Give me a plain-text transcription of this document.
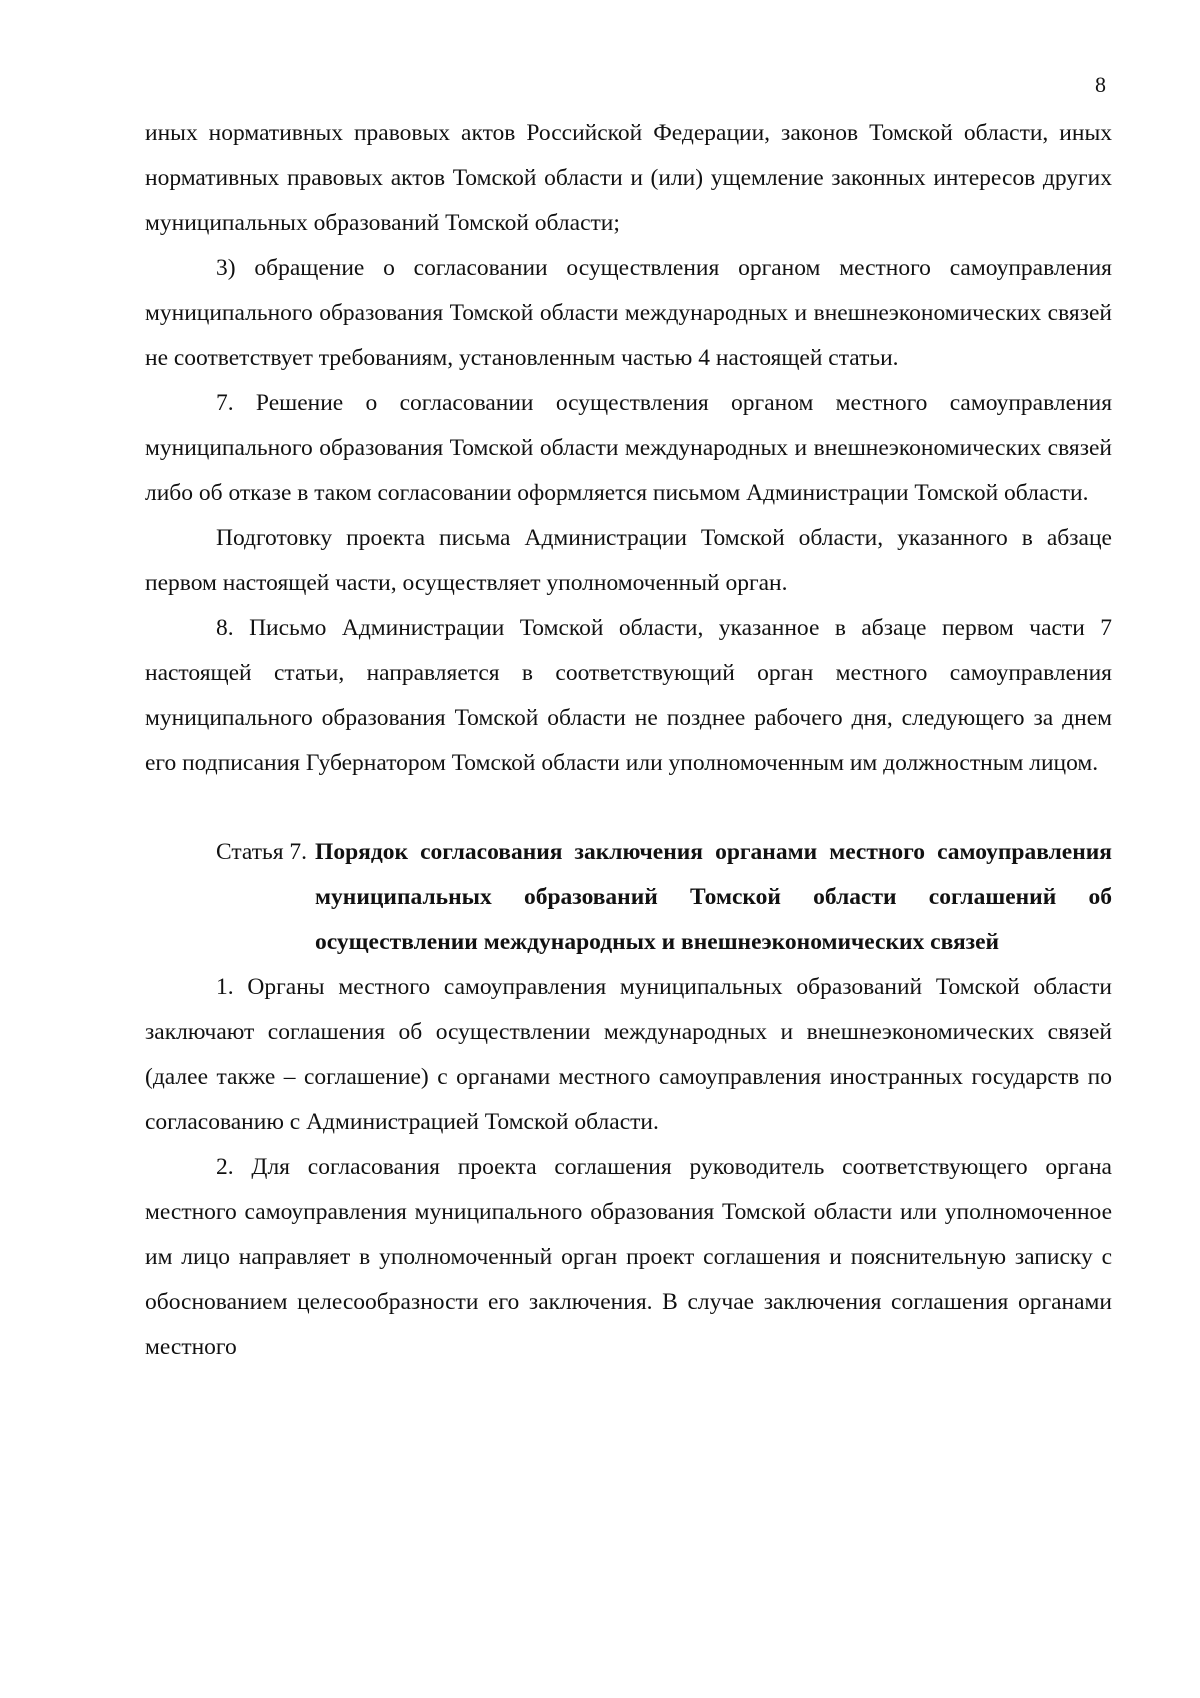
8

иных нормативных правовых актов Российской Федерации, законов Томской области, иных нормативных правовых актов Томской области и (или) ущемление законных интересов других муниципальных образований Томской области;

3) обращение о согласовании осуществления органом местного самоуправления муниципального образования Томской области международных и внешнеэкономических связей не соответствует требованиям, установленным частью 4 настоящей статьи.

7. Решение о согласовании осуществления органом местного самоуправления муниципального образования Томской области международных и внешнеэкономических связей либо об отказе в таком согласовании оформляется письмом Администрации Томской области.

Подготовку проекта письма Администрации Томской области, указанного в абзаце первом настоящей части, осуществляет уполномоченный орган.

8. Письмо Администрации Томской области, указанное в абзаце первом части 7 настоящей статьи, направляется в соответствующий орган местного самоуправления муниципального образования Томской области не позднее рабочего дня, следующего за днем его подписания Губернатором Томской области или уполномоченным им должностным лицом.

Статья 7. Порядок согласования заключения органами местного самоуправления муниципальных образований Томской области соглашений об осуществлении международных и внешнеэкономических связей

1. Органы местного самоуправления муниципальных образований Томской области заключают соглашения об осуществлении международных и внешнеэкономических связей (далее также – соглашение) с органами местного самоуправления иностранных государств по согласованию с Администрацией Томской области.

2. Для согласования проекта соглашения руководитель соответствующего органа местного самоуправления муниципального образования Томской области или уполномоченное им лицо направляет в уполномоченный орган проект соглашения и пояснительную записку с обоснованием целесообразности его заключения. В случае заключения соглашения органами местного
